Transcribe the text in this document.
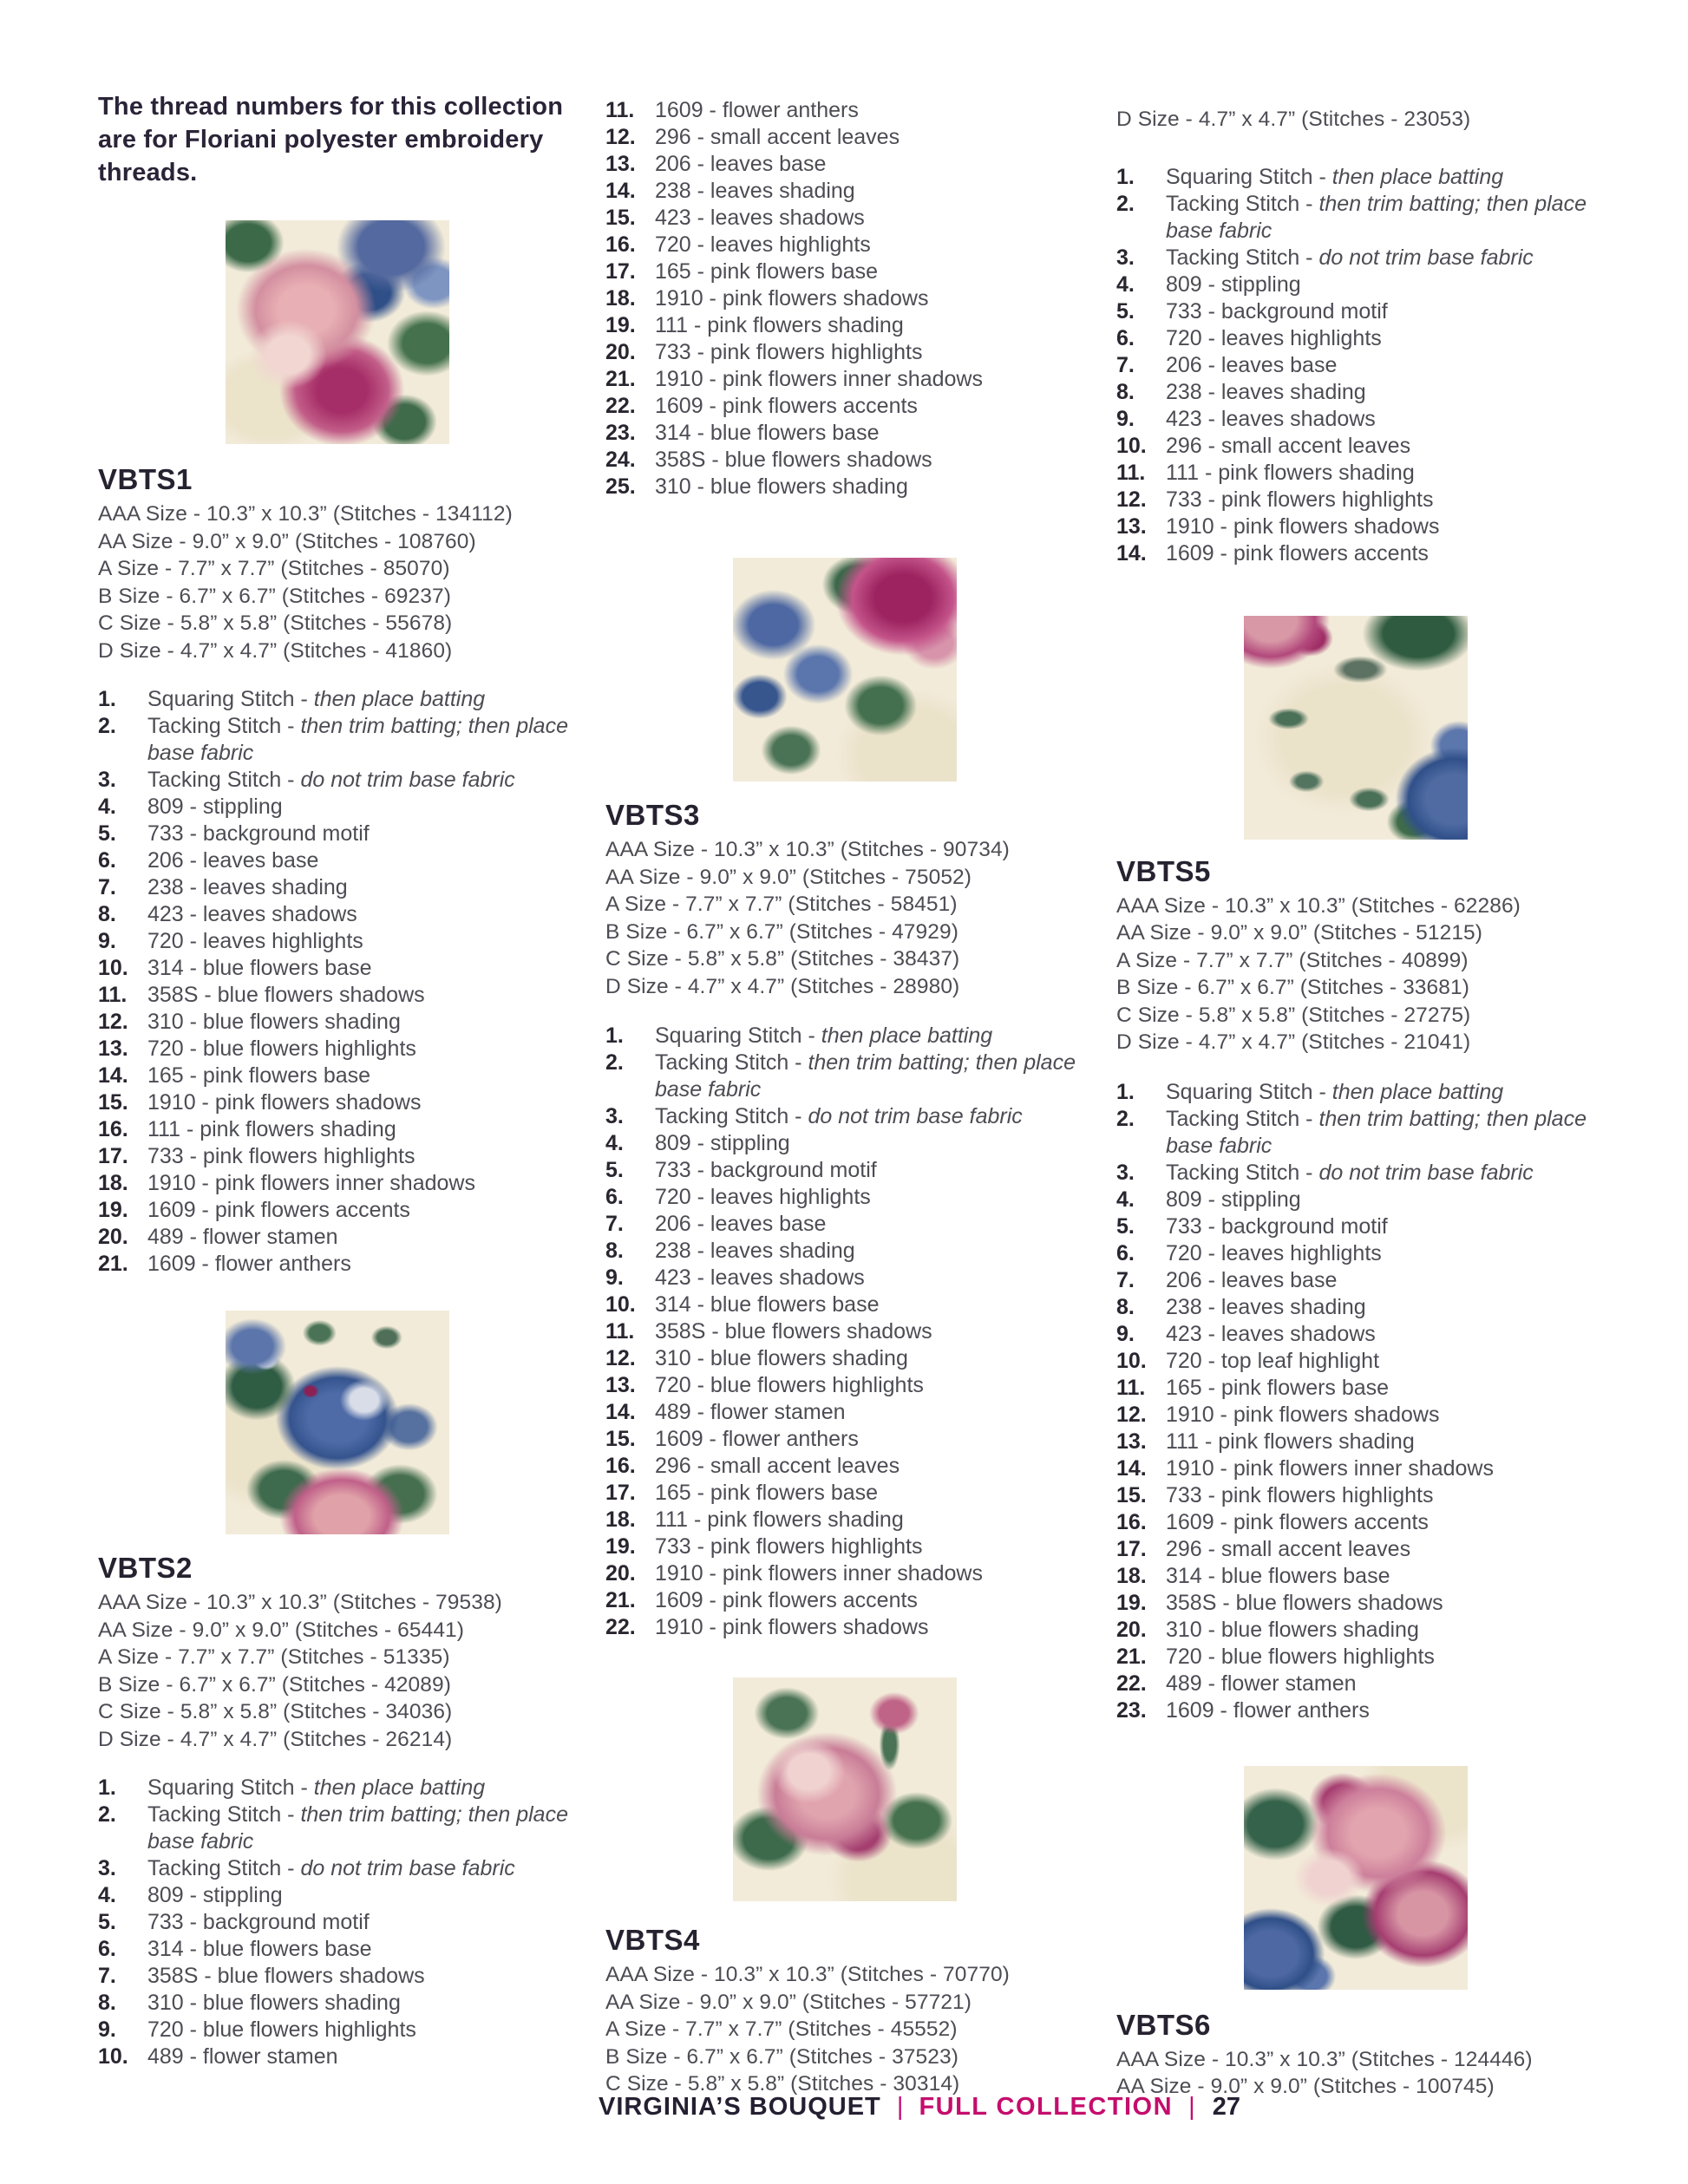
The thread numbers for this collection are for Floriani polyester embroidery threads.
VBTS1
AAA Size - 10.3” x 10.3” (Stitches - 134112)
AA Size - 9.0” x 9.0” (Stitches - 108760)
A Size - 7.7” x 7.7” (Stitches - 85070)
B Size - 6.7” x 6.7” (Stitches - 69237)
C Size - 5.8” x 5.8” (Stitches - 55678)
D Size - 4.7” x 4.7” (Stitches - 41860)
1.	Squaring Stitch - then place batting
2.	Tacking Stitch - then trim batting; then place base fabric
3.	Tacking Stitch - do not trim base fabric
4.	809 - stippling
5.	733 - background motif
6.	206 - leaves base
7.	238 - leaves shading
8.	423 - leaves shadows
9.	720 - leaves highlights
10. 314 - blue flowers base
11. 358S - blue flowers shadows
12. 310 - blue flowers shading
13. 720 - blue flowers highlights
14. 165 - pink flowers base
15. 1910 - pink flowers shadows
16. 111 - pink flowers shading
17. 733 - pink flowers highlights
18. 1910 - pink flowers inner shadows
19. 1609 - pink flowers accents
20. 489 - flower stamen
21. 1609 - flower anthers
VBTS2
AAA Size - 10.3” x 10.3” (Stitches - 79538)
AA Size - 9.0” x 9.0” (Stitches - 65441)
A Size - 7.7” x 7.7” (Stitches - 51335)
B Size - 6.7” x 6.7” (Stitches - 42089)
C Size - 5.8” x 5.8” (Stitches - 34036)
D Size - 4.7” x 4.7” (Stitches - 26214)
1.	Squaring Stitch - then place batting
2.	Tacking Stitch - then trim batting; then place base fabric
3.	Tacking Stitch - do not trim base fabric
4.	809 - stippling
5.	733 - background motif
6.	314 - blue flowers base
7.	358S - blue flowers shadows
8.	310 - blue flowers shading
9.	720 - blue flowers highlights
10. 489 - flower stamen
11. 1609 - flower anthers
12. 296 - small accent leaves
13. 206 - leaves base
14. 238 - leaves shading
15. 423 - leaves shadows
16. 720 - leaves highlights
17. 165 - pink flowers base
18. 1910 - pink flowers shadows
19. 111 - pink flowers shading
20. 733 - pink flowers highlights
21. 1910 - pink flowers inner shadows
22. 1609 - pink flowers accents
23. 314 - blue flowers base
24. 358S - blue flowers shadows
25. 310 - blue flowers shading
VBTS3
AAA Size - 10.3” x 10.3” (Stitches - 90734)
AA Size - 9.0” x 9.0” (Stitches - 75052)
A Size - 7.7” x 7.7” (Stitches - 58451)
B Size - 6.7” x 6.7” (Stitches - 47929)
C Size - 5.8” x 5.8” (Stitches - 38437)
D Size - 4.7” x 4.7” (Stitches - 28980)
1.	Squaring Stitch - then place batting
2.	Tacking Stitch - then trim batting; then place base fabric
3.	Tacking Stitch - do not trim base fabric
4.	809 - stippling
5.	733 - background motif
6.	720 - leaves highlights
7.	206 - leaves base
8.	238 - leaves shading
9.	423 - leaves shadows
10. 314 - blue flowers base
11. 358S - blue flowers shadows
12. 310 - blue flowers shading
13. 720 - blue flowers highlights
14. 489 - flower stamen
15. 1609 - flower anthers
16. 296 - small accent leaves
17. 165 - pink flowers base
18. 111 - pink flowers shading
19. 733 - pink flowers highlights
20. 1910 - pink flowers inner shadows
21. 1609 - pink flowers accents
22. 1910 - pink flowers shadows
VBTS4
AAA Size - 10.3” x 10.3” (Stitches - 70770)
AA Size - 9.0” x 9.0” (Stitches - 57721)
A Size - 7.7” x 7.7” (Stitches - 45552)
B Size - 6.7” x 6.7” (Stitches - 37523)
C Size - 5.8” x 5.8” (Stitches - 30314)
D Size - 4.7” x 4.7” (Stitches - 23053)
1.	Squaring Stitch - then place batting
2.	Tacking Stitch - then trim batting; then place base fabric
3.	Tacking Stitch - do not trim base fabric
4.	809 - stippling
5.	733 - background motif
6.	720 - leaves highlights
7.	206 - leaves base
8.	238 - leaves shading
9.	423 - leaves shadows
10. 296 - small accent leaves
11. 111 - pink flowers shading
12. 733 - pink flowers highlights
13. 1910 - pink flowers shadows
14. 1609 - pink flowers accents
VBTS5
AAA Size - 10.3” x 10.3” (Stitches - 62286)
AA Size - 9.0” x 9.0” (Stitches - 51215)
A Size - 7.7” x 7.7” (Stitches - 40899)
B Size - 6.7” x 6.7” (Stitches - 33681)
C Size - 5.8” x 5.8” (Stitches - 27275)
D Size - 4.7” x 4.7” (Stitches - 21041)
1.	Squaring Stitch - then place batting
2.	Tacking Stitch - then trim batting; then place base fabric
3.	Tacking Stitch - do not trim base fabric
4.	809 - stippling
5.	733 - background motif
6.	720 - leaves highlights
7.	206 - leaves base
8.	238 - leaves shading
9.	423 - leaves shadows
10. 720 - top leaf highlight
11. 165 - pink flowers base
12. 1910 - pink flowers shadows
13. 111 - pink flowers shading
14. 1910 - pink flowers inner shadows
15. 733 - pink flowers highlights
16. 1609 - pink flowers accents
17. 296 - small accent leaves
18. 314 - blue flowers base
19. 358S - blue flowers shadows
20. 310 - blue flowers shading
21. 720 - blue flowers highlights
22. 489 - flower stamen
23. 1609 - flower anthers
VBTS6
AAA Size - 10.3” x 10.3” (Stitches - 124446)
AA Size - 9.0” x 9.0” (Stitches - 100745)
VIRGINIA’S BOUQUET | FULL COLLECTION | 27
